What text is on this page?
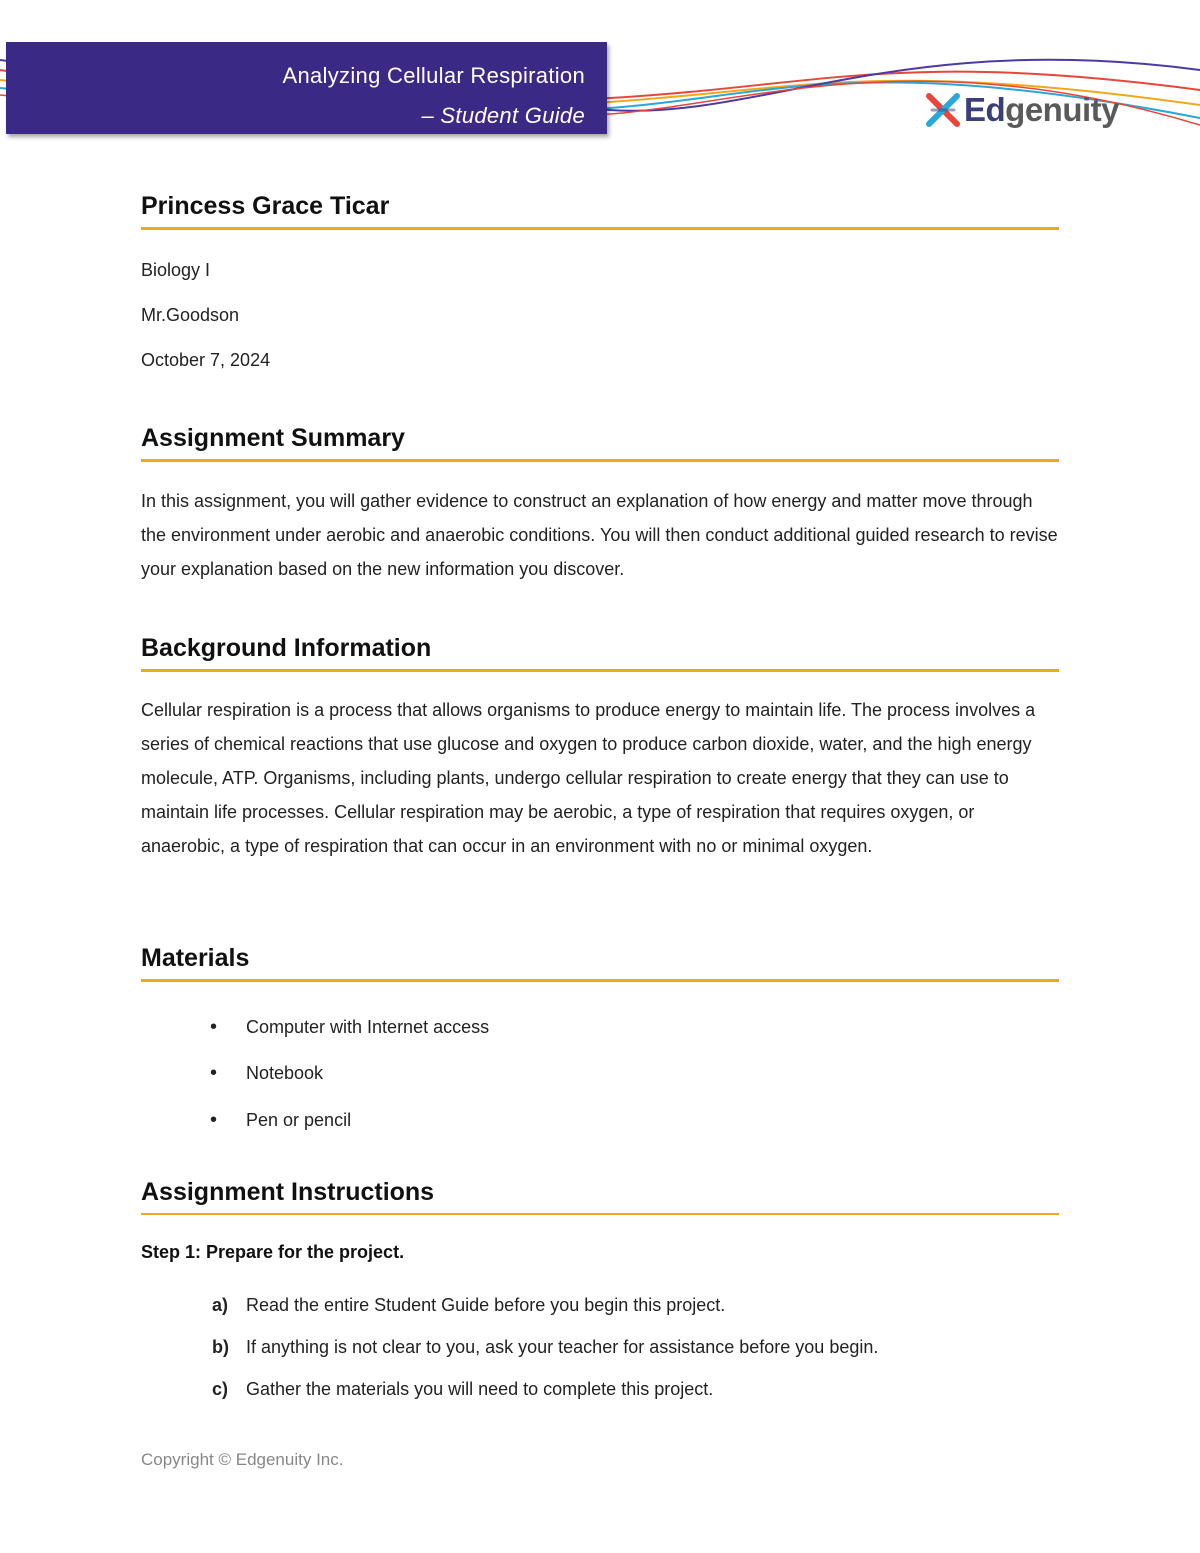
Analyzing Cellular Respiration
– Student Guide	Edgenuity
Princess Grace Ticar

Biology I

Mr.Goodson

October 7, 2024

Assignment Summary

In this assignment, you will gather evidence to construct an explanation of how energy and matter move through the environment under aerobic and anaerobic conditions. You will then conduct additional guided research to revise your explanation based on the new information you discover.

Background Information

Cellular respiration is a process that allows organisms to produce energy to maintain life. The process involves a series of chemical reactions that use glucose and oxygen to produce carbon dioxide, water, and the high energy molecule, ATP. Organisms, including plants, undergo cellular respiration to create energy that they can use to maintain life processes. Cellular respiration may be aerobic, a type of respiration that requires oxygen, or anaerobic, a type of respiration that can occur in an environment with no or minimal oxygen.

Materials
•	Computer with Internet access
•	Notebook
•	Pen or pencil
Assignment Instructions

Step 1: Prepare for the project.

a) Read the entire Student Guide before you begin this project.
b) If anything is not clear to you, ask your teacher for assistance before you begin.
c) Gather the materials you will need to complete this project.

Copyright © Edgenuity Inc.
